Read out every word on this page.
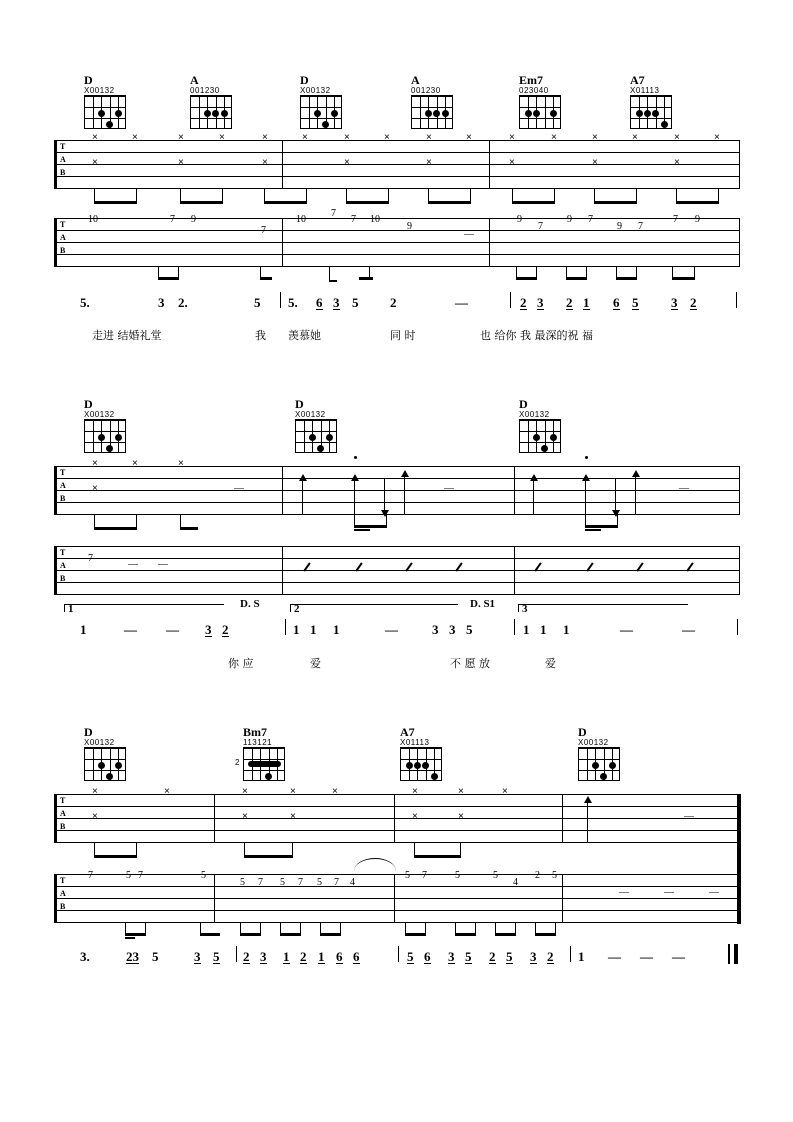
D
X00132
A
001230
D
X00132
A
001230
Em7
023040
A7
X01113
T
A
B
×	×	×	×	×	×	×	×	×	×	×	×	×	×	×	×
×	×	×	×	×	×	×	×
T
A
B
10	7 9
7
10
7
7 10
9
—
9
7
9 7
9 7
7 9
5.	3 2.	5 5. 6 3 5 2	—	2 3 2 1 6 5	3 2
走进 结婚礼堂	我 羡慕她	同 时	也 给你 我 最深的祝 福
D
X00132
D
X00132
D
X00132
T
A
B
×
×
×	×
—	—	—
T
A
B
7
— —
1	2	3
D. S	D. S1
1	— — 3 2	1 1 1	—	3 3 5	1 1 1	—	—
你 应	爱	不 愿 放	爱
D
X00132
Bm7
113121
2
A7
X01113
D
X00132
T
A
B
×
×
×	×
×
×
×
×	×
×
×
×
×
—
T
A
B
7	5 7	5
5 7 5 7 5 7 4
5 7	5	5
4
2 5
—	—	—
3.	23 5	3 5 2 3 1 2 1 6 6	5 6 3 5 2 5 3 2 1 — — —
